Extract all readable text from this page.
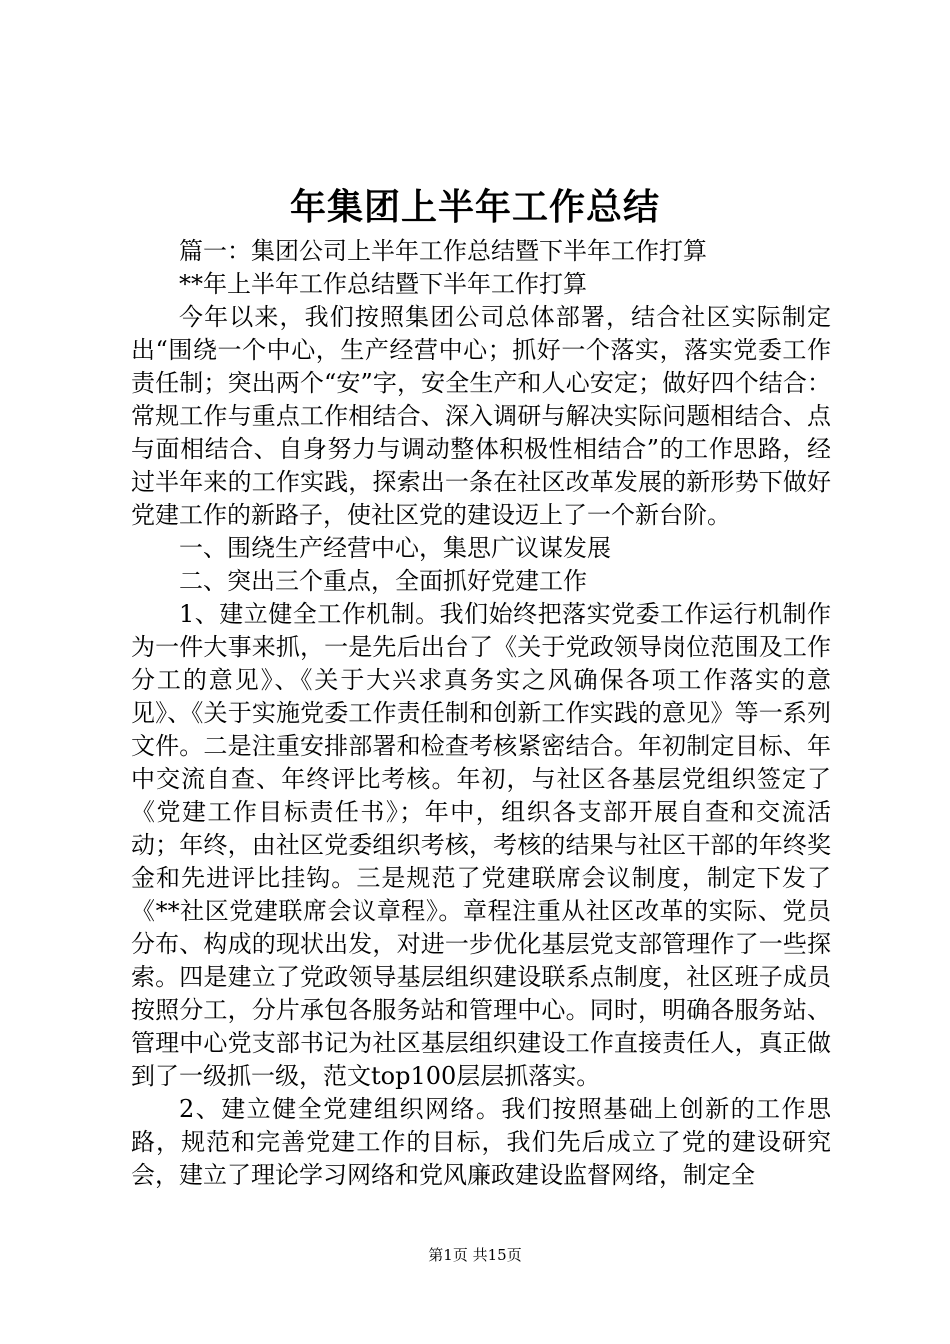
年集团上半年工作总结

篇一：集团公司上半年工作总结暨下半年工作打算

**年上半年工作总结暨下半年工作打算

今年以来，我们按照集团公司总体部署，结合社区实际制定出“围绕一个中心，生产经营中心；抓好一个落实，落实党委工作责任制；突出两个“安”字，安全生产和人心安定；做好四个结合：常规工作与重点工作相结合、深入调研与解决实际问题相结合、点与面相结合、自身努力与调动整体积极性相结合”的工作思路，经过半年来的工作实践，探索出一条在社区改革发展的新形势下做好党建工作的新路子，使社区党的建设迈上了一个新台阶。

一、围绕生产经营中心，集思广议谋发展

二、突出三个重点，全面抓好党建工作

1、建立健全工作机制。我们始终把落实党委工作运行机制作为一件大事来抓，一是先后出台了《关于党政领导岗位范围及工作分工的意见》、《关于大兴求真务实之风确保各项工作落实的意见》、《关于实施党委工作责任制和创新工作实践的意见》等一系列文件。二是注重安排部署和检查考核紧密结合。年初制定目标、年中交流自查、年终评比考核。年初，与社区各基层党组织签定了《党建工作目标责任书》；年中，组织各支部开展自查和交流活动；年终，由社区党委组织考核，考核的结果与社区干部的年终奖金和先进评比挂钩。三是规范了党建联席会议制度，制定下发了《**社区党建联席会议章程》。章程注重从社区改革的实际、党员分布、构成的现状出发，对进一步优化基层党支部管理作了一些探索。四是建立了党政领导基层组织建设联系点制度，社区班子成员按照分工，分片承包各服务站和管理中心。同时，明确各服务站、管理中心党支部书记为社区基层组织建设工作直接责任人，真正做到了一级抓一级，范文top100层层抓落实。

2、建立健全党建组织网络。我们按照基础上创新的工作思路，规范和完善党建工作的目标，我们先后成立了党的建设研究会，建立了理论学习网络和党风廉政建设监督网络，制定全

第1页 共15页
